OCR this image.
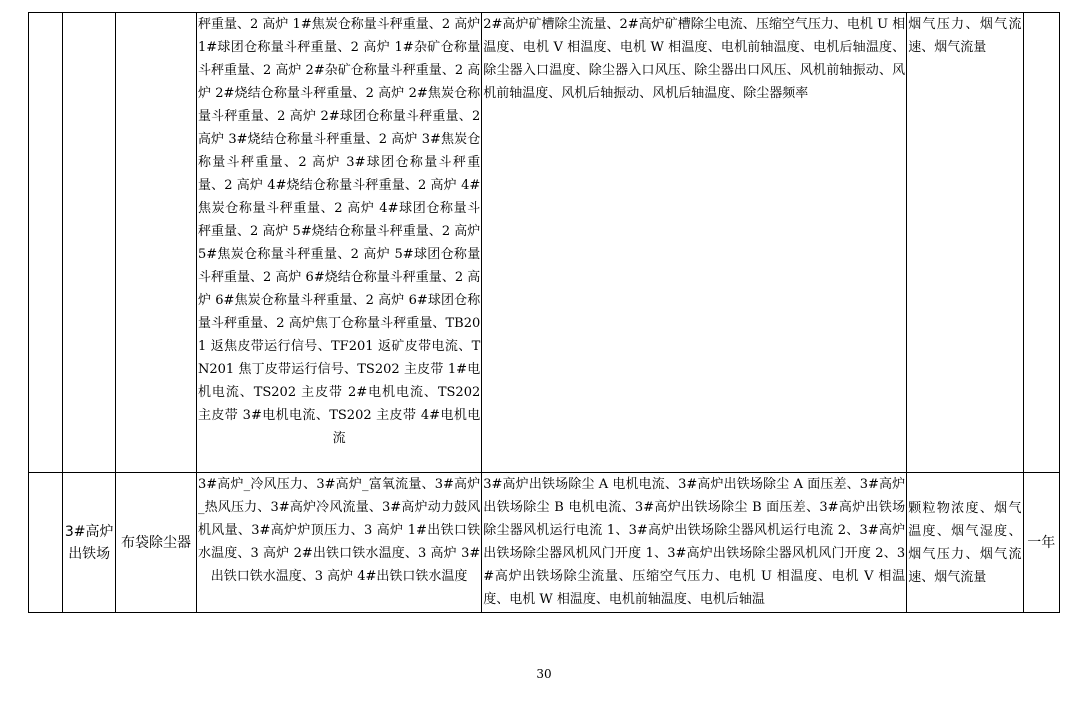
			秤重量、2 高炉 1#焦炭仓称量斗秤重量、2 高炉 1#球团仓称量斗秤重量、2 高炉 1#杂矿仓称量斗秤重量、2 高炉 2#杂矿仓称量斗秤重量、2 高炉 2#烧结仓称量斗秤重量、2 高炉 2#焦炭仓称量斗秤重量、2 高炉 2#球团仓称量斗秤重量、2 高炉 3#烧结仓称量斗秤重量、2 高炉 3#焦炭仓称量斗秤重量、2 高炉 3#球团仓称量斗秤重量、2 高炉 4#烧结仓称量斗秤重量、2 高炉 4#焦炭仓称量斗秤重量、2 高炉 4#球团仓称量斗秤重量、2 高炉 5#烧结仓称量斗秤重量、2 高炉 5#焦炭仓称量斗秤重量、2 高炉 5#球团仓称量斗秤重量、2 高炉 6#烧结仓称量斗秤重量、2 高炉 6#焦炭仓称量斗秤重量、2 高炉 6#球团仓称量斗秤重量、2 高炉焦丁仓称量斗秤重量、TB201 返焦皮带运行信号、TF201 返矿皮带电流、TN201 焦丁皮带运行信号、TS202 主皮带 1#电机电流、TS202 主皮带 2#电机电流、TS202 主皮带 3#电机电流、TS202 主皮带 4#电机电流	2#高炉矿槽除尘流量、2#高炉矿槽除尘电流、压缩空气压力、电机 U 相温度、电机 V 相温度、电机 W 相温度、电机前轴温度、电机后轴温度、除尘器入口温度、除尘器入口风压、除尘器出口风压、风机前轴振动、风机前轴温度、风机后轴振动、风机后轴温度、除尘器频率	烟气压力、烟气流速、烟气流量	
	3#高炉出铁场	布袋除尘器	3#高炉_冷风压力、3#高炉_富氧流量、3#高炉_热风压力、3#高炉冷风流量、3#高炉动力鼓风机风量、3#高炉炉顶压力、3 高炉 1#出铁口铁水温度、3 高炉 2#出铁口铁水温度、3 高炉 3#出铁口铁水温度、3 高炉 4#出铁口铁水温度	3#高炉出铁场除尘 A 电机电流、3#高炉出铁场除尘 A 面压差、3#高炉出铁场除尘 B 电机电流、3#高炉出铁场除尘 B 面压差、3#高炉出铁场除尘器风机运行电流 1、3#高炉出铁场除尘器风机运行电流 2、3#高炉出铁场除尘器风机风门开度 1、3#高炉出铁场除尘器风机风门开度 2、3#高炉出铁场除尘流量、压缩空气压力、电机 U 相温度、电机 V 相温度、电机 W 相温度、电机前轴温度、电机后轴温	颗粒物浓度、烟气温度、烟气湿度、烟气压力、烟气流速、烟气流量	一年
30
